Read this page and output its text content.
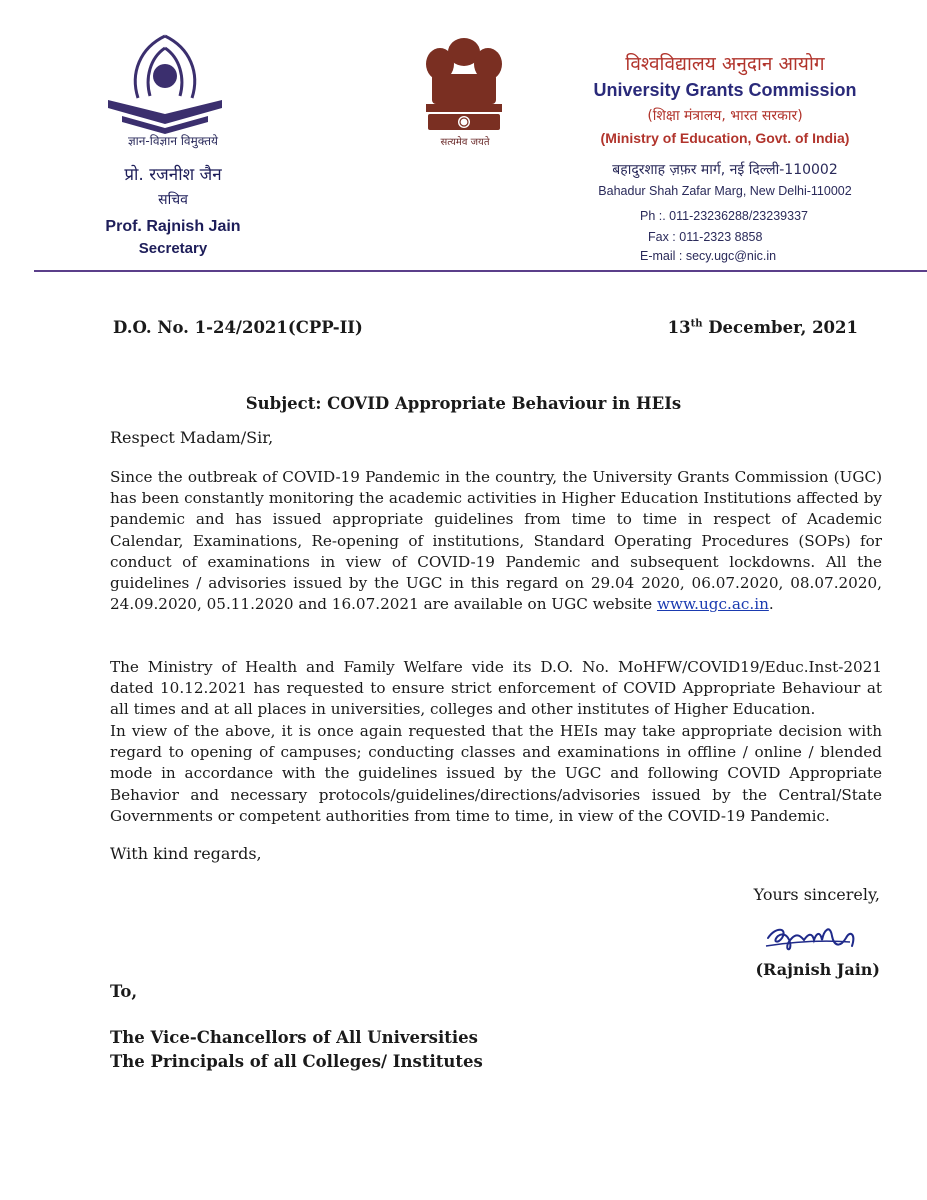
ज्ञान-विज्ञान विमुक्तये
प्रो. रजनीश जैन
सचिव
Prof. Rajnish Jain
Secretary
सत्यमेव जयते
विश्वविद्यालय अनुदान आयोग
University Grants Commission
(शिक्षा मंत्रालय, भारत सरकार)
(Ministry of Education, Govt. of India)
बहादुरशाह ज़फ़र मार्ग, नई दिल्ली-110002
Bahadur Shah Zafar Marg, New Delhi-110002
Ph :. 011-23236288/23239337
Fax : 011-2323 8858
E-mail : secy.ugc@nic.in
D.O. No. 1-24/2021(CPP-II)	13th December, 2021
Subject: COVID Appropriate Behaviour in HEIs
Respect Madam/Sir,
Since the outbreak of COVID-19 Pandemic in the country, the University Grants Commission (UGC) has been constantly monitoring the academic activities in Higher Education Institutions affected by pandemic and has issued appropriate guidelines from time to time in respect of Academic Calendar, Examinations, Re-opening of institutions, Standard Operating Procedures (SOPs) for conduct of examinations in view of COVID-19 Pandemic and subsequent lockdowns. All the guidelines / advisories issued by the UGC in this regard on 29.04 2020, 06.07.2020, 08.07.2020, 24.09.2020, 05.11.2020 and 16.07.2021 are available on UGC website www.ugc.ac.in.
The Ministry of Health and Family Welfare vide its D.O. No. MoHFW/COVID19/Educ.Inst-2021 dated 10.12.2021 has requested to ensure strict enforcement of COVID Appropriate Behaviour at all times and at all places in universities, colleges and other institutes of Higher Education.
In view of the above, it is once again requested that the HEIs may take appropriate decision with regard to opening of campuses; conducting classes and examinations in offline / online / blended mode in accordance with the guidelines issued by the UGC and following COVID Appropriate Behavior and necessary protocols/guidelines/directions/advisories issued by the Central/State Governments or competent authorities from time to time, in view of the COVID-19 Pandemic.
With kind regards,
Yours sincerely,
(Rajnish Jain)
To,
The Vice-Chancellors of All Universities
The Principals of all Colleges/ Institutes
